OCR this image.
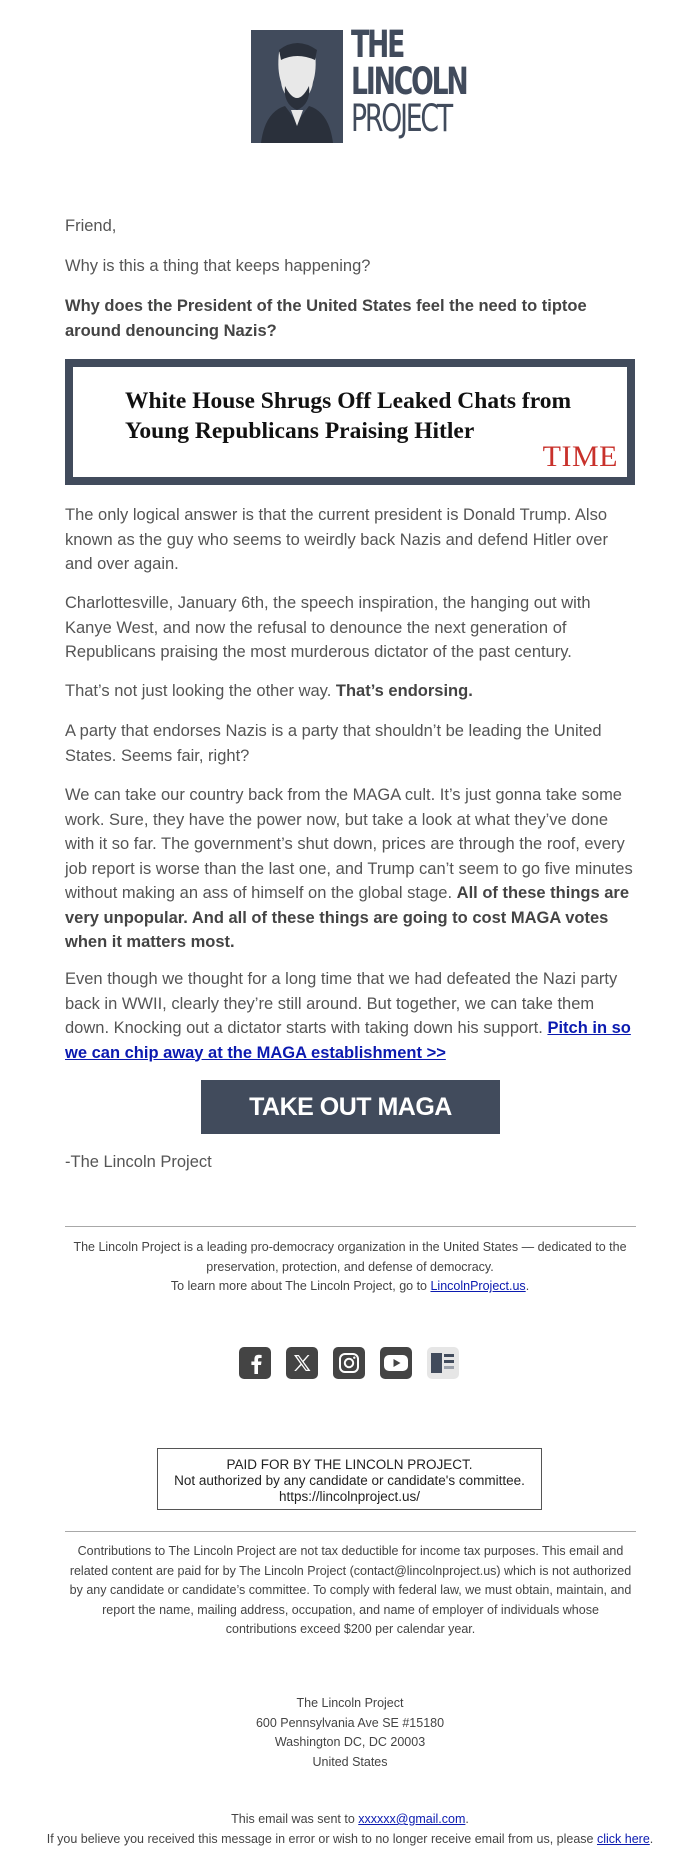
THE
LINCOLN
PROJECT
Friend,
Why is this a thing that keeps happening?
Why does the President of the United States feel the need to tiptoe around denouncing Nazis?
White House Shrugs Off Leaked Chats from Young Republicans Praising Hitler
TIME
The only logical answer is that the current president is Donald Trump. Also known as the guy who seems to weirdly back Nazis and defend Hitler over and over again.
Charlottesville, January 6th, the speech inspiration, the hanging out with Kanye West, and now the refusal to denounce the next generation of Republicans praising the most murderous dictator of the past century.
That’s not just looking the other way. That’s endorsing.
A party that endorses Nazis is a party that shouldn’t be leading the United States. Seems fair, right?
We can take our country back from the MAGA cult. It’s just gonna take some work. Sure, they have the power now, but take a look at what they’ve done with it so far. The government’s shut down, prices are through the roof, every job report is worse than the last one, and Trump can’t seem to go five minutes without making an ass of himself on the global stage. All of these things are very unpopular. And all of these things are going to cost MAGA votes when it matters most.
Even though we thought for a long time that we had defeated the Nazi party back in WWII, clearly they’re still around. But together, we can take them down. Knocking out a dictator starts with taking down his support. Pitch in so we can chip away at the MAGA establishment >>
TAKE OUT MAGA
-The Lincoln Project
The Lincoln Project is a leading pro-democracy organization in the United States — dedicated to the preservation, protection, and defense of democracy.
To learn more about The Lincoln Project, go to LincolnProject.us.
PAID FOR BY THE LINCOLN PROJECT.
Not authorized by any candidate or candidate's committee.
https://lincolnproject.us/
Contributions to The Lincoln Project are not tax deductible for income tax purposes. This email and related content are paid for by The Lincoln Project (contact@lincolnproject.us) which is not authorized by any candidate or candidate’s committee. To comply with federal law, we must obtain, maintain, and report the name, mailing address, occupation, and name of employer of individuals whose contributions exceed $200 per calendar year.
The Lincoln Project
600 Pennsylvania Ave SE #15180
Washington DC, DC 20003
United States
This email was sent to xxxxxx@gmail.com.
If you believe you received this message in error or wish to no longer receive email from us, please click here.
